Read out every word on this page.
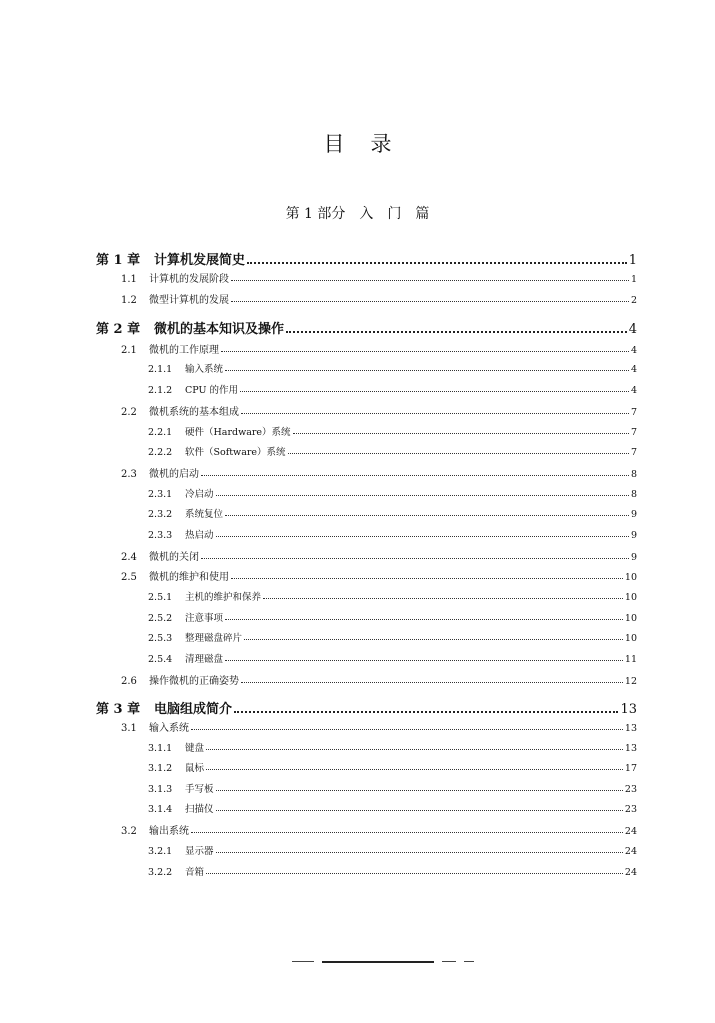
目 录
第 1 部分　入　门　篇
第 1 章	计算机发展简史	1
1.1	计算机的发展阶段	1
1.2	微型计算机的发展	2
第 2 章	微机的基本知识及操作	4
2.1	微机的工作原理	4
2.1.1	输入系统	4
2.1.2	CPU 的作用	4
2.2	微机系统的基本组成	7
2.2.1	硬件（Hardware）系统	7
2.2.2	软件（Software）系统	7
2.3	微机的启动	8
2.3.1	冷启动	8
2.3.2	系统复位	9
2.3.3	热启动	9
2.4	微机的关闭	9
2.5	微机的维护和使用	10
2.5.1	主机的维护和保养	10
2.5.2	注意事项	10
2.5.3	整理磁盘碎片	10
2.5.4	清理磁盘	11
2.6	操作微机的正确姿势	12
第 3 章	电脑组成简介	13
3.1	输入系统	13
3.1.1	键盘	13
3.1.2	鼠标	17
3.1.3	手写板	23
3.1.4	扫描仪	23
3.2	输出系统	24
3.2.1	显示器	24
3.2.2	音箱	24
